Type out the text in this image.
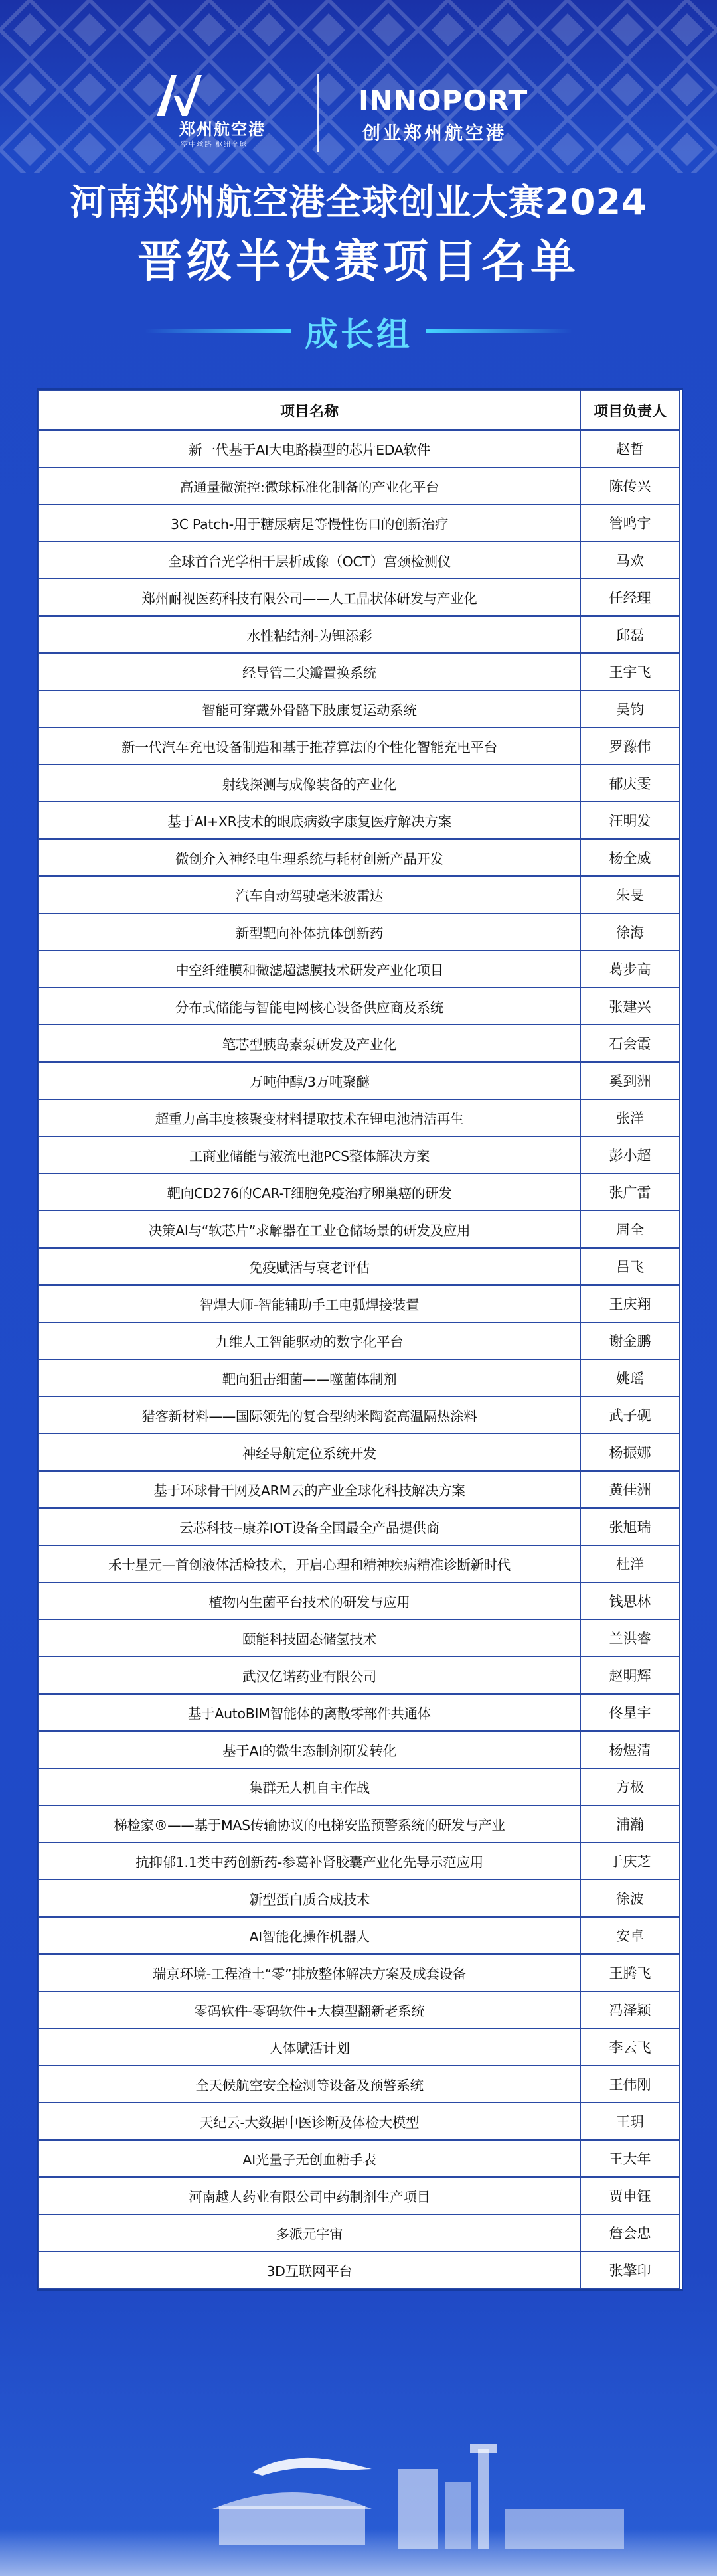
郑州航空港
空中丝路 枢纽全球
INNOPORT
创业郑州航空港
河南郑州航空港全球创业大赛2024
晋级半决赛项目名单
成长组
项目名称	项目负责人
新一代基于AI大电路模型的芯片EDA软件	赵哲
高通量微流控:微球标准化制备的产业化平台	陈传兴
3C Patch-用于糖尿病足等慢性伤口的创新治疗	管鸣宇
全球首台光学相干层析成像（OCT）宫颈检测仪	马欢
郑州耐视医药科技有限公司——人工晶状体研发与产业化	任经理
水性粘结剂-为锂添彩	邱磊
经导管二尖瓣置换系统	王宇飞
智能可穿戴外骨骼下肢康复运动系统	吴钧
新一代汽车充电设备制造和基于推荐算法的个性化智能充电平台	罗豫伟
射线探测与成像装备的产业化	郁庆雯
基于AI+XR技术的眼底病数字康复医疗解决方案	汪明发
微创介入神经电生理系统与耗材创新产品开发	杨全威
汽车自动驾驶毫米波雷达	朱旻
新型靶向补体抗体创新药	徐海
中空纤维膜和微滤超滤膜技术研发产业化项目	葛步高
分布式储能与智能电网核心设备供应商及系统	张建兴
笔芯型胰岛素泵研发及产业化	石会霞
万吨仲醇/3万吨聚醚	奚到洲
超重力高丰度核聚变材料提取技术在锂电池清洁再生	张洋
工商业储能与液流电池PCS整体解决方案	彭小超
靶向CD276的CAR-T细胞免疫治疗卵巢癌的研发	张广雷
决策AI与“软芯片”求解器在工业仓储场景的研发及应用	周全
免疫赋活与衰老评估	吕飞
智焊大师-智能辅助手工电弧焊接装置	王庆翔
九维人工智能驱动的数字化平台	谢金鹏
靶向狙击细菌——噬菌体制剂	姚瑶
猎客新材料——国际领先的复合型纳米陶瓷高温隔热涂料	武子砚
神经导航定位系统开发	杨振娜
基于环球骨干网及ARM云的产业全球化科技解决方案	黄佳洲
云芯科技--康养IOT设备全国最全产品提供商	张旭瑞
禾士星元—首创液体活检技术，开启心理和精神疾病精准诊断新时代	杜洋
植物内生菌平台技术的研发与应用	钱思林
颐能科技固态储氢技术	兰洪睿
武汉亿诺药业有限公司	赵明辉
基于AutoBIM智能体的离散零部件共通体	佟星宇
基于AI的微生态制剂研发转化	杨煜清
集群无人机自主作战	方极
梯检家®——基于MAS传输协议的电梯安监预警系统的研发与产业	浦瀚
抗抑郁1.1类中药创新药-参葛补肾胶囊产业化先导示范应用	于庆芝
新型蛋白质合成技术	徐波
AI智能化操作机器人	安卓
瑞京环境-工程渣土“零”排放整体解决方案及成套设备	王腾飞
零码软件-零码软件+大模型翻新老系统	冯泽颖
人体赋活计划	李云飞
全天候航空安全检测等设备及预警系统	王伟刚
天纪云-大数据中医诊断及体检大模型	王玥
AI光量子无创血糖手表	王大年
河南越人药业有限公司中药制剂生产项目	贾申钰
多派元宇宙	詹会忠
3D互联网平台	张擎印
